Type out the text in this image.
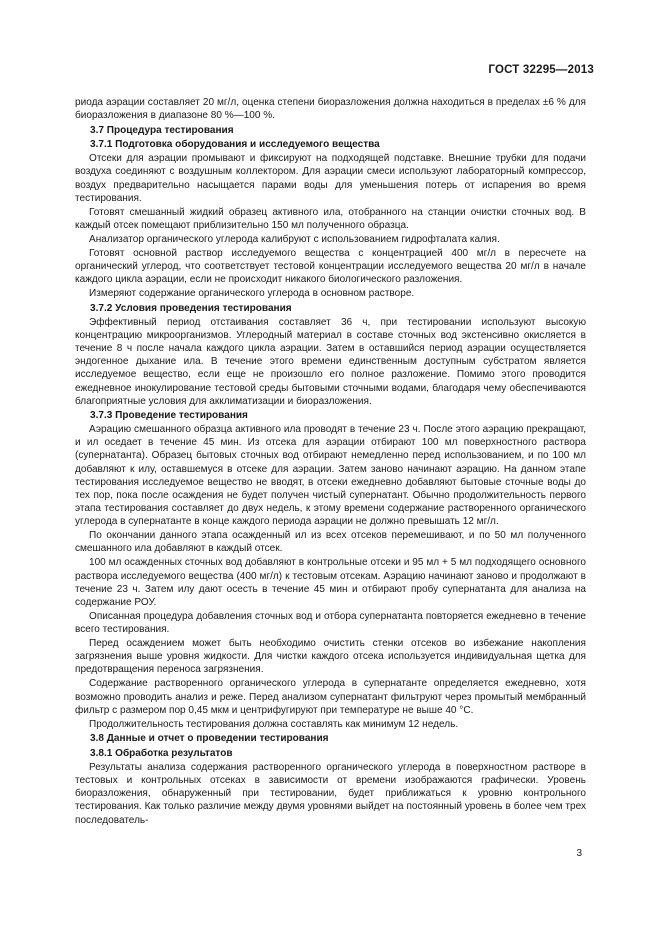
ГОСТ 32295—2013

риода аэрации составляет 20 мг/л, оценка степени биоразложения должна находиться в пределах ±6 % для биоразложения в диапазоне 80 %—100 %.

3.7 Процедура тестирования

3.7.1 Подготовка оборудования и исследуемого вещества

Отсеки для аэрации промывают и фиксируют на подходящей подставке. Внешние трубки для подачи воздуха соединяют с воздушным коллектором. Для аэрации смеси используют лабораторный компрессор, воздух предварительно насыщается парами воды для уменьшения потерь от испарения во время тестирования.

Готовят смешанный жидкий образец активного ила, отобранного на станции очистки сточных вод. В каждый отсек помещают приблизительно 150 мл полученного образца.

Анализатор органического углерода калибруют с использованием гидрофталата калия.

Готовят основной раствор исследуемого вещества с концентрацией 400 мг/л в пересчете на органический углерод, что соответствует тестовой концентрации исследуемого вещества 20 мг/л в начале каждого цикла аэрации, если не происходит никакого биологического разложения.

Измеряют содержание органического углерода в основном растворе.

3.7.2 Условия проведения тестирования

Эффективный период отстаивания составляет 36 ч, при тестировании используют высокую концентрацию микроорганизмов. Углеродный материал в составе сточных вод экстенсивно окисляется в течение 8 ч после начала каждого цикла аэрации. Затем в оставшийся период аэрации осуществляется эндогенное дыхание ила. В течение этого времени единственным доступным субстратом является исследуемое вещество, если еще не произошло его полное разложение. Помимо этого проводится ежедневное инокулирование тестовой среды бытовыми сточными водами, благодаря чему обеспечиваются благоприятные условия для акклиматизации и биоразложения.

3.7.3 Проведение тестирования

Аэрацию смешанного образца активного ила проводят в течение 23 ч. После этого аэрацию прекращают, и ил оседает в течение 45 мин. Из отсека для аэрации отбирают 100 мл поверхностного раствора (супернатанта). Образец бытовых сточных вод отбирают немедленно перед использованием, и по 100 мл добавляют к илу, оставшемуся в отсеке для аэрации. Затем заново начинают аэрацию. На данном этапе тестирования исследуемое вещество не вводят, в отсеки ежедневно добавляют бытовые сточные воды до тех пор, пока после осаждения не будет получен чистый супернатант. Обычно продолжительность первого этапа тестирования составляет до двух недель, к этому времени содержание растворенного органического углерода в супернатанте в конце каждого периода аэрации не должно превышать 12 мг/л.

По окончании данного этапа осажденный ил из всех отсеков перемешивают, и по 50 мл полученного смешанного ила добавляют в каждый отсек.

100 мл осажденных сточных вод добавляют в контрольные отсеки и 95 мл + 5 мл подходящего основного раствора исследуемого вещества (400 мг/л) к тестовым отсекам. Аэрацию начинают заново и продолжают в течение 23 ч. Затем илу дают осесть в течение 45 мин и отбирают пробу супернатанта для анализа на содержание РОУ.

Описанная процедура добавления сточных вод и отбора супернатанта повторяется ежедневно в течение всего тестирования.

Перед осаждением может быть необходимо очистить стенки отсеков во избежание накопления загрязнения выше уровня жидкости. Для чистки каждого отсека используется индивидуальная щетка для предотвращения переноса загрязнения.

Содержание растворенного органического углерода в супернатанте определяется ежедневно, хотя возможно проводить анализ и реже. Перед анализом супернатант фильтруют через промытый мембранный фильтр с размером пор 0,45 мкм и центрифугируют при температуре не выше 40 °C.

Продолжительность тестирования должна составлять как минимум 12 недель.

3.8 Данные и отчет о проведении тестирования

3.8.1 Обработка результатов

Результаты анализа содержания растворенного органического углерода в поверхностном растворе в тестовых и контрольных отсеках в зависимости от времени изображаются графически. Уровень биоразложения, обнаруженный при тестировании, будет приближаться к уровню контрольного тестирования. Как только различие между двумя уровнями выйдет на постоянный уровень в более чем трех последователь-

3
